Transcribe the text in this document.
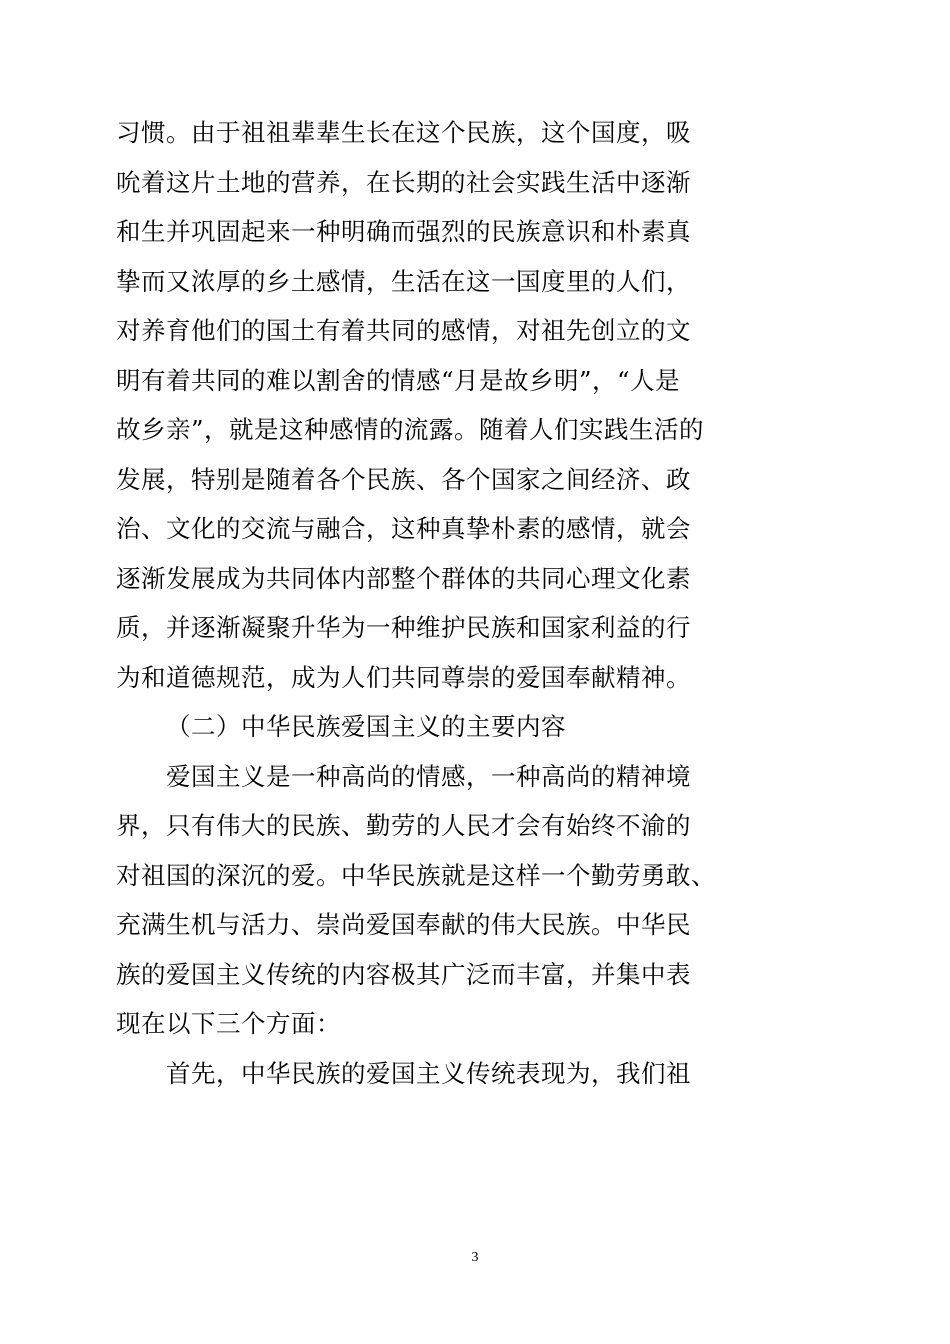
习惯。由于祖祖辈辈生长在这个民族，这个国度，吸
吮着这片土地的营养，在长期的社会实践生活中逐渐
和生并巩固起来一种明确而强烈的民族意识和朴素真
挚而又浓厚的乡土感情，生活在这一国度里的人们，
对养育他们的国土有着共同的感情，对祖先创立的文
明有着共同的难以割舍的情感“月是故乡明”，“人是
故乡亲”，就是这种感情的流露。随着人们实践生活的
发展，特别是随着各个民族、各个国家之间经济、政
治、文化的交流与融合，这种真挚朴素的感情，就会
逐渐发展成为共同体内部整个群体的共同心理文化素
质，并逐渐凝聚升华为一种维护民族和国家利益的行
为和道德规范，成为人们共同尊崇的爱国奉献精神。
（二）中华民族爱国主义的主要内容
爱国主义是一种高尚的情感，一种高尚的精神境
界，只有伟大的民族、勤劳的人民才会有始终不渝的
对祖国的深沉的爱。中华民族就是这样一个勤劳勇敢、
充满生机与活力、崇尚爱国奉献的伟大民族。中华民
族的爱国主义传统的内容极其广泛而丰富，并集中表
现在以下三个方面：
首先，中华民族的爱国主义传统表现为，我们祖
3
